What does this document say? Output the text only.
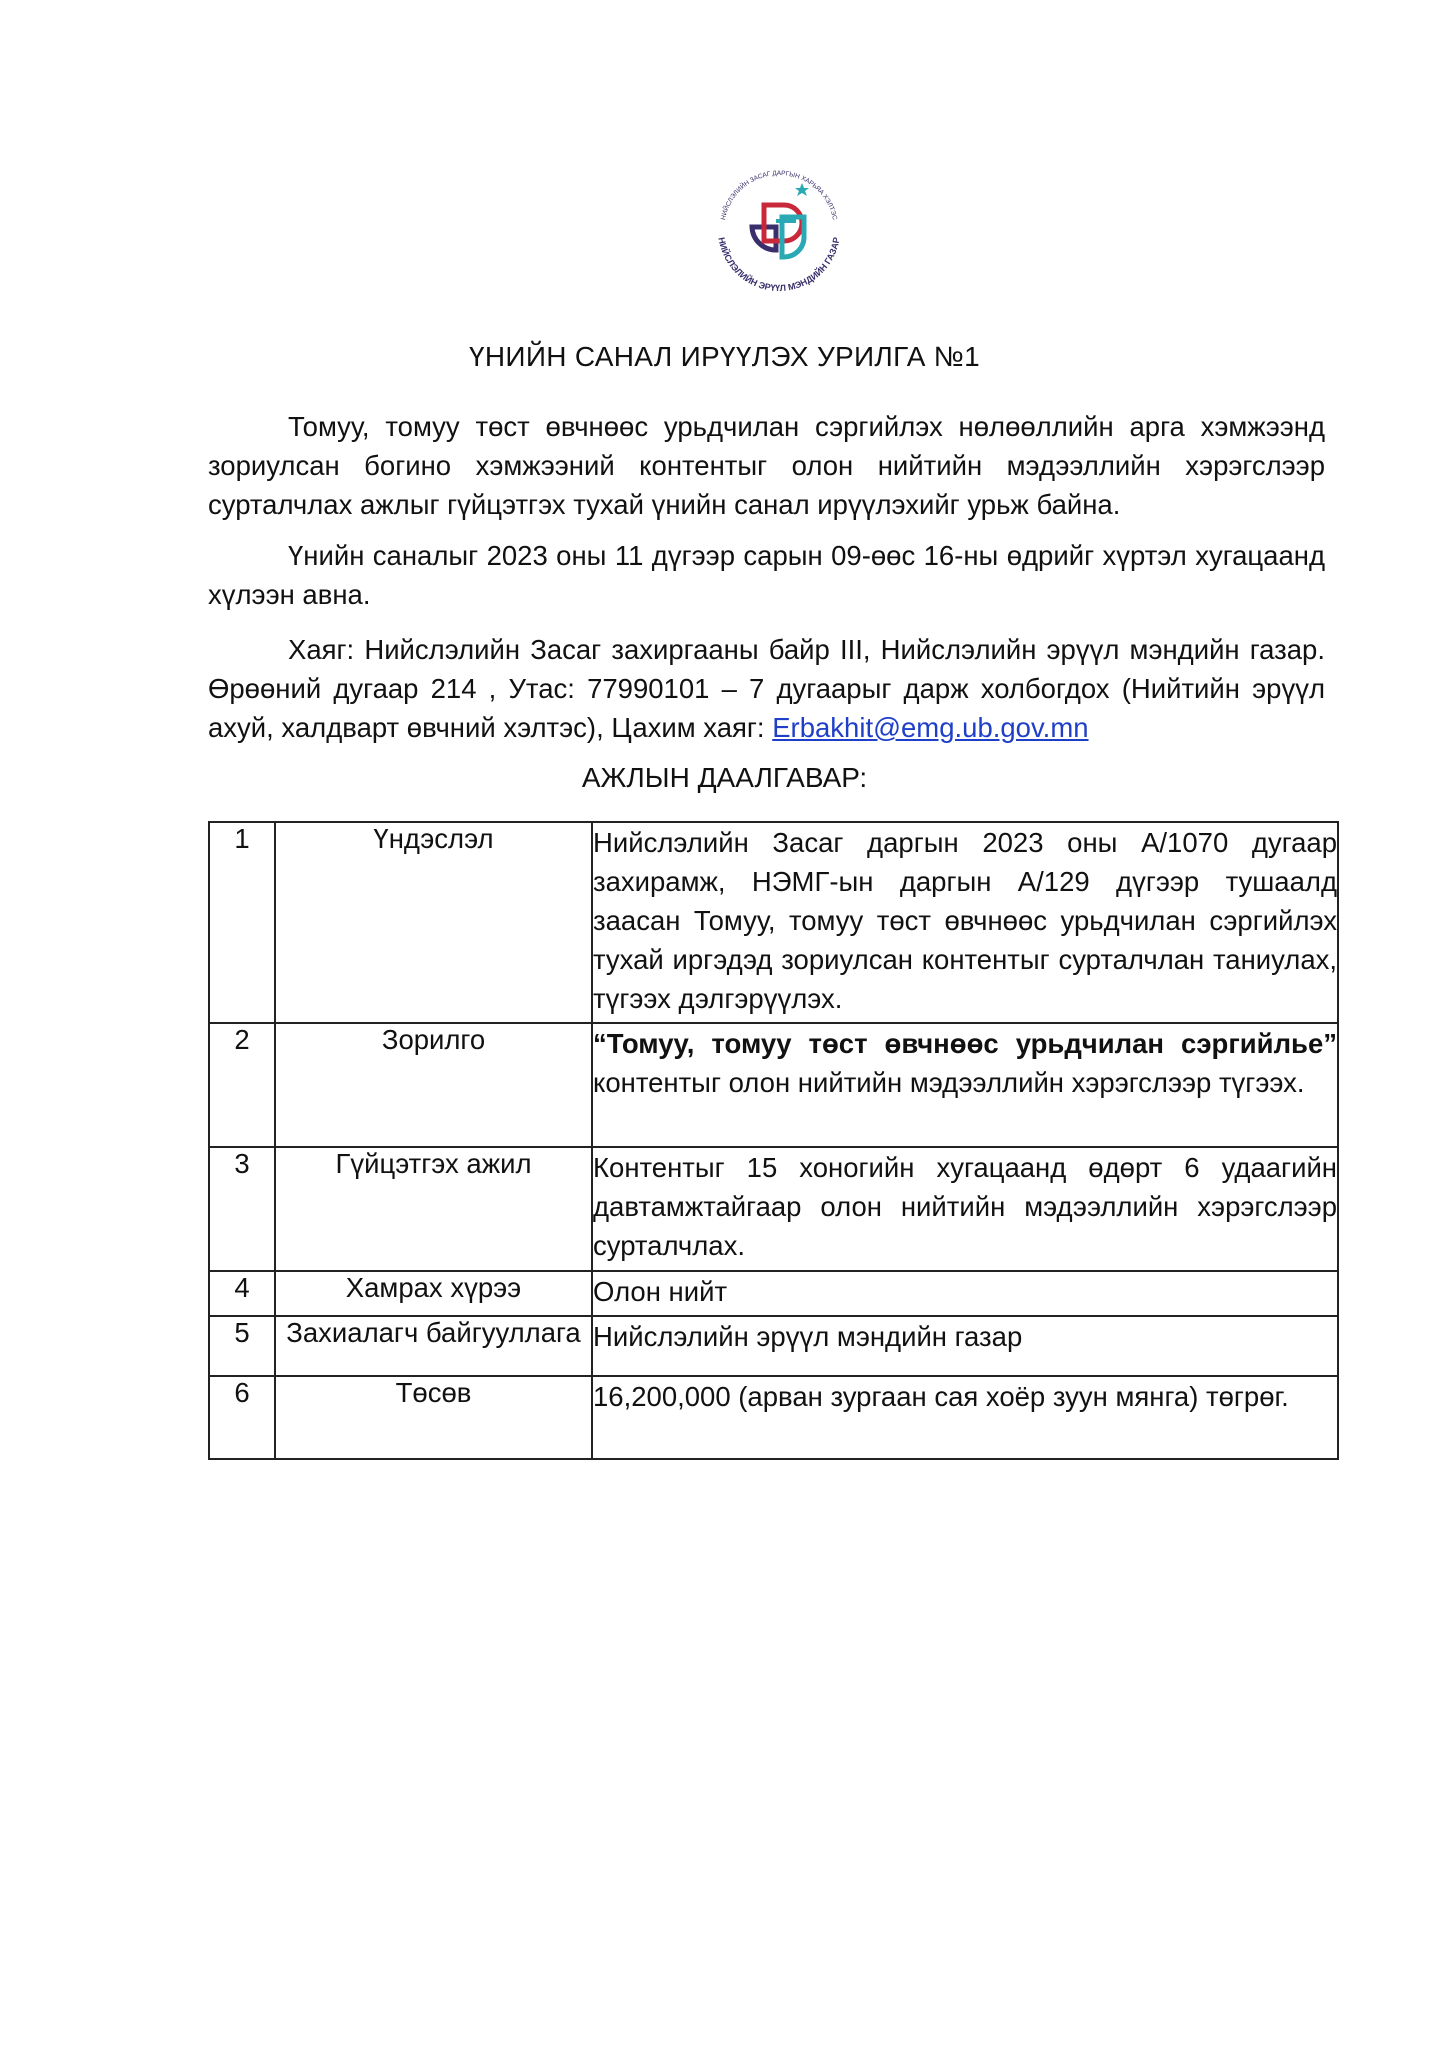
НИЙСЛЭЛИЙН ЗАСАГ ДАРГЫН ХАРЬЯА ХЭЛТЭС
НИЙСЛЭЛИЙН ЭРҮҮЛ МЭНДИЙН ГАЗАР
ҮНИЙН САНАЛ ИРҮҮЛЭХ УРИЛГА №1

Томуу, томуу төст өвчнөөс урьдчилан сэргийлэх нөлөөллийн арга хэмжээнд зориулсан богино хэмжээний контентыг олон нийтийн мэдээллийн хэрэгслээр сурталчлах ажлыг гүйцэтгэх тухай үнийн санал ирүүлэхийг урьж байна.

Үнийн саналыг 2023 оны 11 дүгээр сарын 09-өөс 16-ны өдрийг хүртэл хугацаанд хүлээн авна.

Хаяг: Нийслэлийн Засаг захиргааны байр III, Нийслэлийн эрүүл мэндийн газар. Өрөөний дугаар 214 , Утас: 77990101 – 7 дугаарыг дарж холбогдох (Нийтийн эрүүл ахуй, халдварт өвчний хэлтэс), Цахим хаяг: Erbakhit@emg.ub.gov.mn

АЖЛЫН ДААЛГАВАР:
1	Үндэслэл	Нийслэлийн Засаг даргын 2023 оны А/1070 дугаар захирамж, НЭМГ-ын даргын А/129 дүгээр тушаалд заасан Томуу, томуу төст өвчнөөс урьдчилан сэргийлэх тухай иргэдэд зориулсан контентыг сурталчлан таниулах, түгээх дэлгэрүүлэх.
2	Зорилго	“Томуу, томуу төст өвчнөөс урьдчилан сэргийлье” контентыг олон нийтийн мэдээллийн хэрэгслээр түгээх.
3	Гүйцэтгэх ажил	Контентыг 15 хоногийн хугацаанд өдөрт 6 удаагийн давтамжтайгаар олон нийтийн мэдээллийн хэрэгслээр сурталчлах.
4	Хамрах хүрээ	Олон нийт
5	Захиалагч байгууллага	Нийслэлийн эрүүл мэндийн газар
6	Төсөв	16,200,000 (арван зургаан сая хоёр зуун мянга) төгрөг.
